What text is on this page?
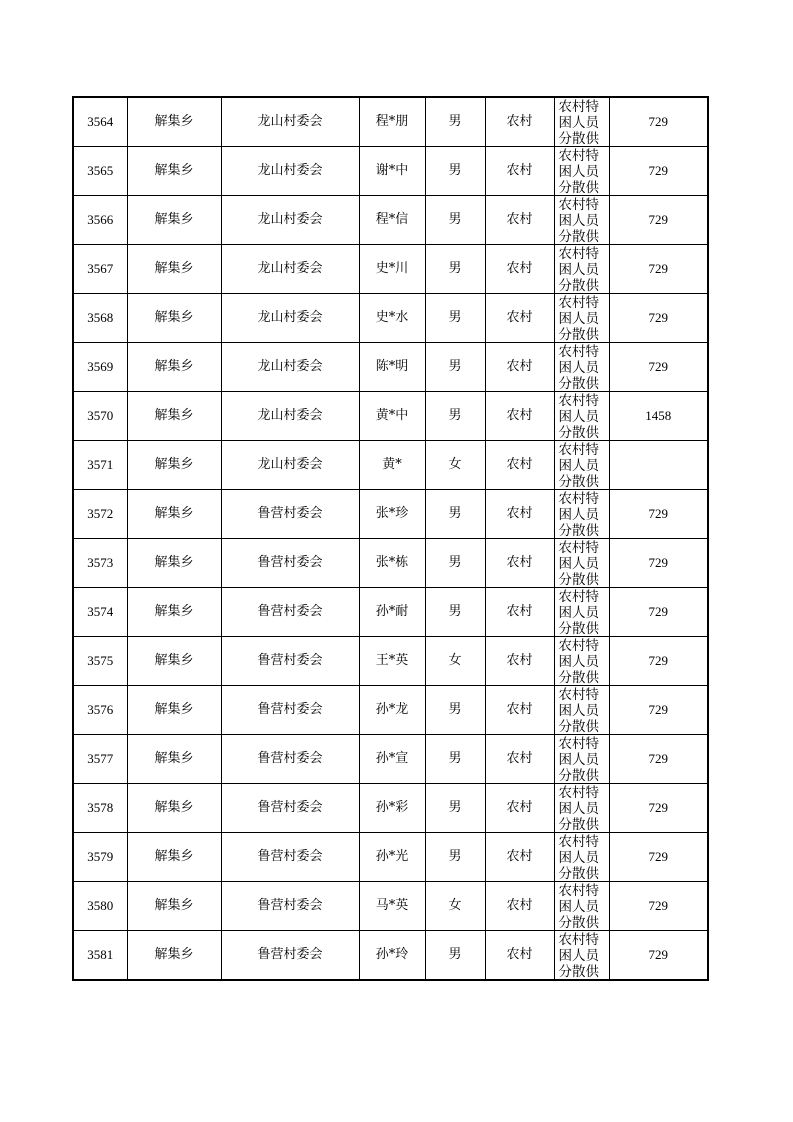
3564	解集乡	龙山村委会	程*朋	男	农村	农村特困人员分散供	729
3565	解集乡	龙山村委会	谢*中	男	农村	农村特困人员分散供	729
3566	解集乡	龙山村委会	程*信	男	农村	农村特困人员分散供	729
3567	解集乡	龙山村委会	史*川	男	农村	农村特困人员分散供	729
3568	解集乡	龙山村委会	史*水	男	农村	农村特困人员分散供	729
3569	解集乡	龙山村委会	陈*明	男	农村	农村特困人员分散供	729
3570	解集乡	龙山村委会	黄*中	男	农村	农村特困人员分散供	1458
3571	解集乡	龙山村委会	黄*	女	农村	农村特困人员分散供	

3572	解集乡	鲁营村委会	张*珍	男	农村	农村特困人员分散供	729
3573	解集乡	鲁营村委会	张*栋	男	农村	农村特困人员分散供	729
3574	解集乡	鲁营村委会	孙*耐	男	农村	农村特困人员分散供	729
3575	解集乡	鲁营村委会	王*英	女	农村	农村特困人员分散供	729
3576	解集乡	鲁营村委会	孙*龙	男	农村	农村特困人员分散供	729
3577	解集乡	鲁营村委会	孙*宣	男	农村	农村特困人员分散供	729
3578	解集乡	鲁营村委会	孙*彩	男	农村	农村特困人员分散供	729
3579	解集乡	鲁营村委会	孙*光	男	农村	农村特困人员分散供	729
3580	解集乡	鲁营村委会	马*英	女	农村	农村特困人员分散供	729
3581	解集乡	鲁营村委会	孙*玲	男	农村	农村特困人员分散供	729
